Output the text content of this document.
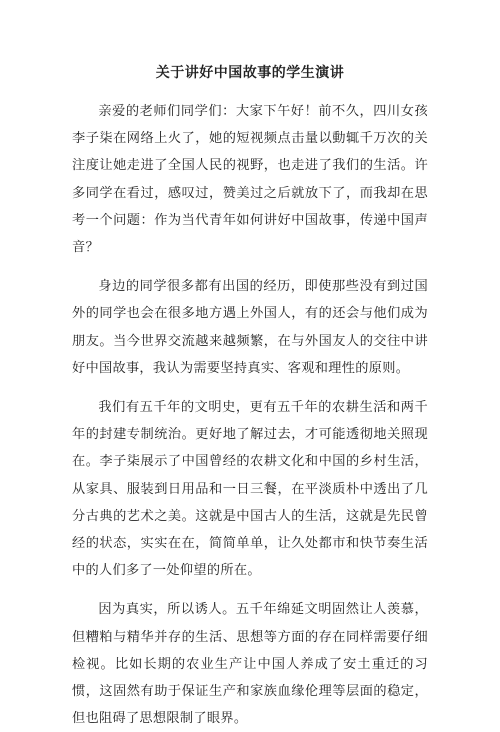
关于讲好中国故事的学生演讲

亲爱的老师们同学们：大家下午好！前不久，四川女孩李子柒在网络上火了，她的短视频点击量以動辄千万次的关注度让她走进了全国人民的视野，也走进了我们的生活。许多同学在看过，感叹过，赞美过之后就放下了，而我却在思考一个问题：作为当代青年如何讲好中国故事，传递中国声音？

身边的同学很多都有出国的经历，即使那些没有到过国外的同学也会在很多地方遇上外国人，有的还会与他们成为朋友。当今世界交流越来越频繁，在与外国友人的交往中讲好中国故事，我认为需要坚持真实、客观和理性的原则。

我们有五千年的文明史，更有五千年的农耕生活和两千年的封建专制统治。更好地了解过去，才可能透彻地关照现在。李子柒展示了中国曾经的农耕文化和中国的乡村生活，从家具、服装到日用品和一日三餐，在平淡质朴中透出了几分古典的艺术之美。这就是中国古人的生活，这就是先民曾经的状态，实实在在，简简单单，让久处都市和快节奏生活中的人们多了一处仰望的所在。

因为真实，所以诱人。五千年绵延文明固然让人羡慕，但糟粕与精华并存的生活、思想等方面的存在同样需要仔细检视。比如长期的农业生产让中国人养成了安土重迁的习惯，这固然有助于保证生产和家族血缘伦理等层面的稳定，但也阻碍了思想限制了眼界。
